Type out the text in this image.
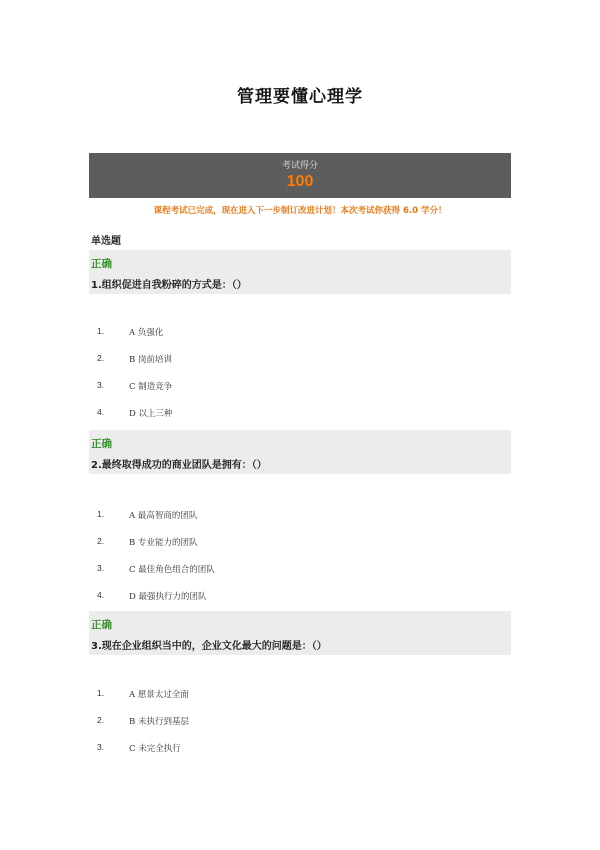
管理要懂心理学
考试得分
100
课程考试已完成，现在进入下一步制订改进计划！本次考试你获得 6.0 学分！
单选题
正确
1.组织促进自我粉碎的方式是：（）
1.	A 负强化
2.	B 岗前培训
3.	C 制造竞争
4.	D 以上三种
正确
2.最终取得成功的商业团队是拥有：（）
1.	A 最高智商的团队
2.	B 专业能力的团队
3.	C 最佳角色组合的团队
4.	D 最强执行力的团队
正确
3.现在企业组织当中的，企业文化最大的问题是：（）
1.	A 愿景太过全面
2.	B 未执行到基层
3.	C 未完全执行
